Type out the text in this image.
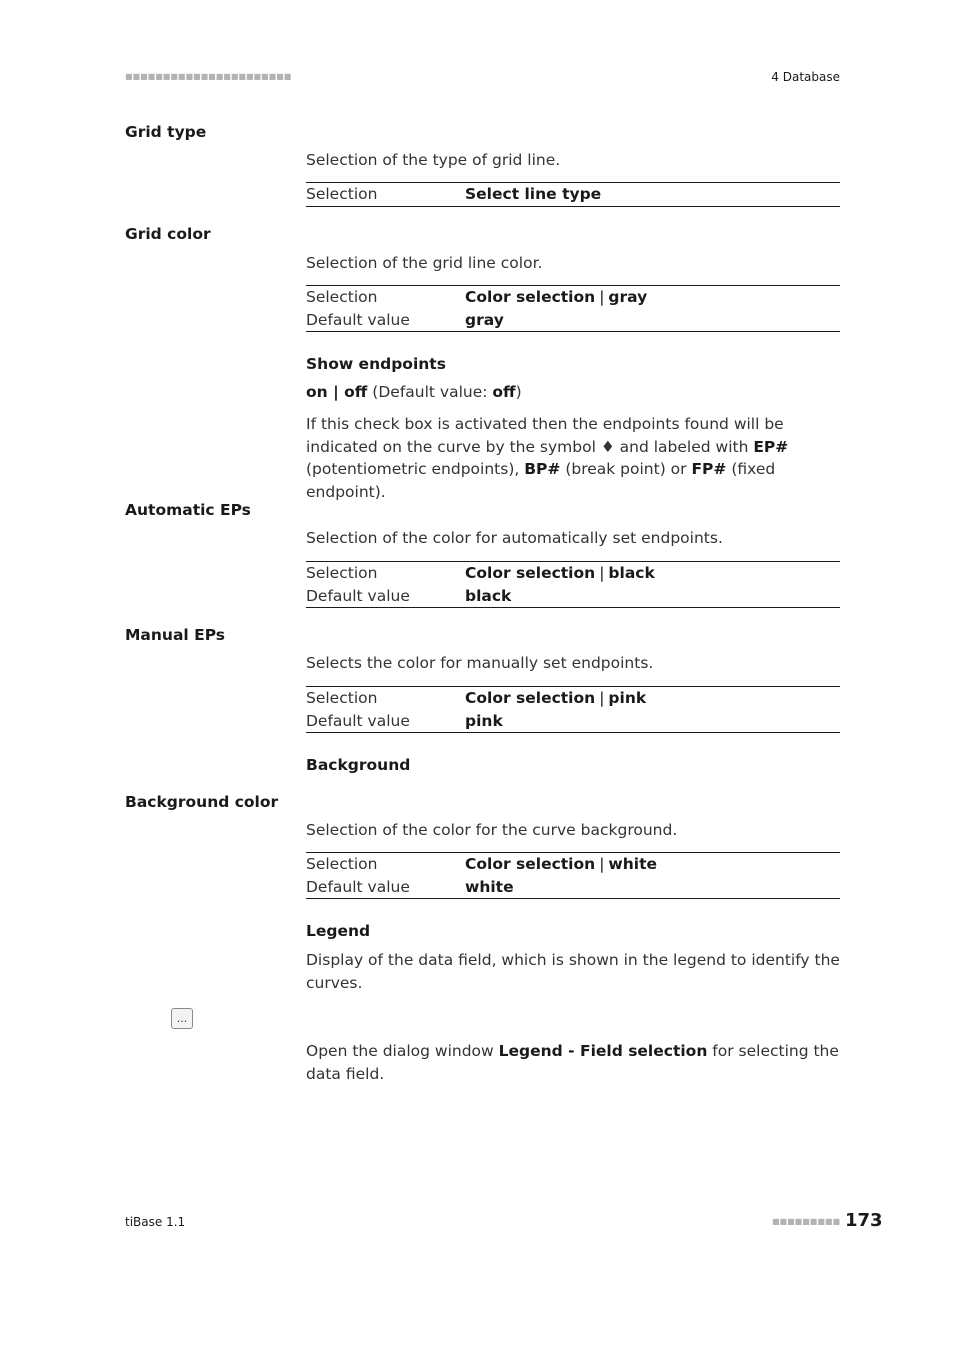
■■■■■■■■■■■■■■■■■■■■■■	4 Database
Grid type
Selection of the type of grid line.
Selection	Select line type
Grid color
Selection of the grid line color.
Selection	Color selection | gray
Default value	gray
Show endpoints
on | off (Default value: off)
If this check box is activated then the endpoints found will be indicated on the curve by the symbol ♦ and labeled with EP# (potentiometric endpoints), BP# (break point) or FP# (fixed endpoint).
Automatic EPs
Selection of the color for automatically set endpoints.
Selection	Color selection | black
Default value	black
Manual EPs
Selects the color for manually set endpoints.
Selection	Color selection | pink
Default value	pink
Background
Background color
Selection of the color for the curve background.
Selection	Color selection | white
Default value	white
Legend
Display of the data field, which is shown in the legend to identify the curves.
...
Open the dialog window Legend - Field selection for selecting the data field.
tiBase 1.1	■■■■■■■■■ 173
